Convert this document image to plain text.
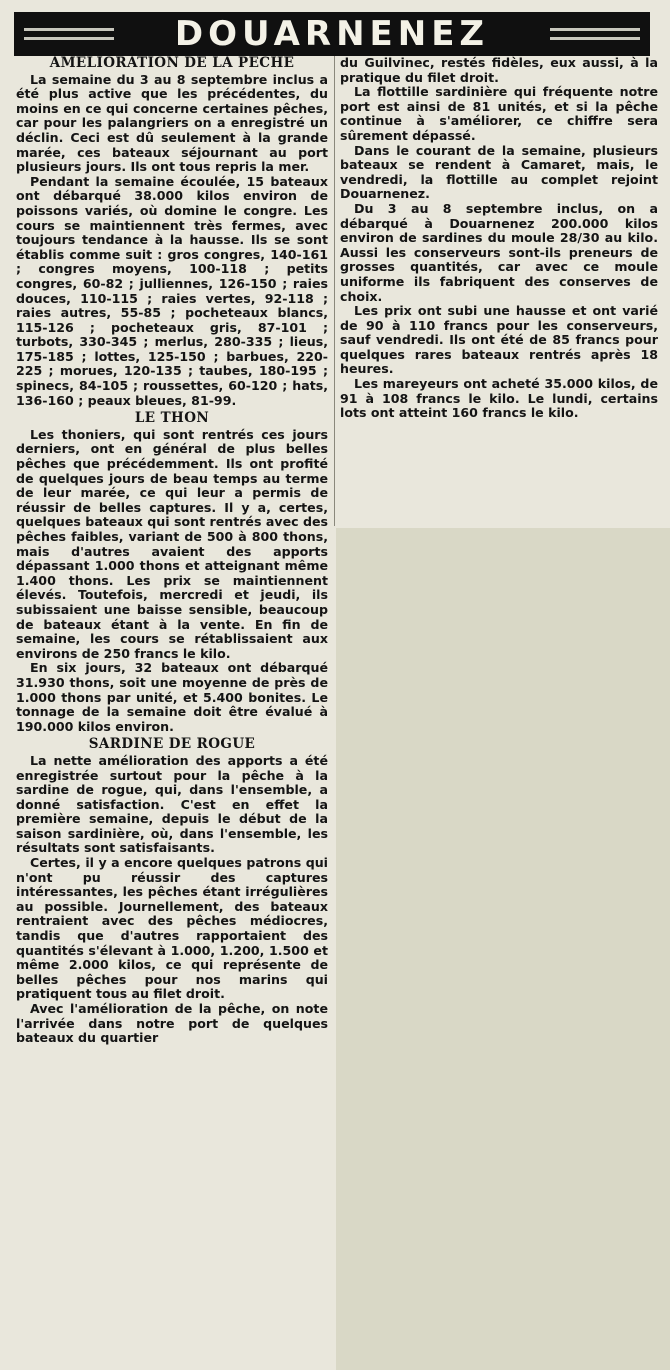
DOUARNENEZ
AMÉLIORATION DE LA PÊCHE

La semaine du 3 au 8 septembre inclus a été plus active que les précédentes, du moins en ce qui concerne certaines pêches, car pour les palangriers on a enregistré un déclin. Ceci est dû seulement à la grande marée, ces bateaux séjournant au port plusieurs jours. Ils ont tous repris la mer.

Pendant la semaine écoulée, 15 bateaux ont débarqué 38.000 kilos environ de poissons variés, où domine le congre. Les cours se maintiennent très fermes, avec toujours tendance à la hausse. Ils se sont établis comme suit : gros congres, 140-161 ; congres moyens, 100-118 ; petits congres, 60-82 ; julliennes, 126-150 ; raies douces, 110-115 ; raies vertes, 92-118 ; raies autres, 55-85 ; pocheteaux blancs, 115-126 ; pocheteaux gris, 87-101 ; turbots, 330-345 ; merlus, 280-335 ; lieus, 175-185 ; lottes, 125-150 ; barbues, 220-225 ; morues, 120-135 ; taubes, 180-195 ; spinecs, 84-105 ; roussettes, 60-120 ; hats, 136-160 ; peaux bleues, 81-99.

LE THON

Les thoniers, qui sont rentrés ces jours derniers, ont en général de plus belles pêches que précédemment. Ils ont profité de quelques jours de beau temps au terme de leur marée, ce qui leur a permis de réussir de belles captures. Il y a, certes, quelques bateaux qui sont rentrés avec des pêches faibles, variant de 500 à 800 thons, mais d'autres avaient des apports dépassant 1.000 thons et atteignant même 1.400 thons. Les prix se maintiennent élevés. Toutefois, mercredi et jeudi, ils subissaient une baisse sensible, beaucoup de bateaux étant à la vente. En fin de semaine, les cours se rétablissaient aux environs de 250 francs le kilo.

En six jours, 32 bateaux ont débarqué 31.930 thons, soit une moyenne de près de 1.000 thons par unité, et 5.400 bonites. Le tonnage de la semaine doit être évalué à 190.000 kilos environ.

SARDINE DE ROGUE

La nette amélioration des apports a été enregistrée surtout pour la pêche à la sardine de rogue, qui, dans l'ensemble, a donné satisfaction. C'est en effet la première semaine, depuis le début de la saison sardinière, où, dans l'ensemble, les résultats sont satisfaisants.

Certes, il y a encore quelques patrons qui n'ont pu réussir des captures intéressantes, les pêches étant irrégulières au possible. Journellement, des bateaux rentraient avec des pêches médiocres, tandis que d'autres rapportaient des quantités s'élevant à 1.000, 1.200, 1.500 et même 2.000 kilos, ce qui représente de belles pêches pour nos marins qui pratiquent tous au filet droit.

Avec l'amélioration de la pêche, on note l'arrivée dans notre port de quelques bateaux du quartier

du Guilvinec, restés fidèles, eux aussi, à la pratique du filet droit.

La flottille sardinière qui fréquente notre port est ainsi de 81 unités, et si la pêche continue à s'améliorer, ce chiffre sera sûrement dépassé.

Dans le courant de la semaine, plusieurs bateaux se rendent à Camaret, mais, le vendredi, la flottille au complet rejoint Douarnenez.

Du 3 au 8 septembre inclus, on a débarqué à Douarnenez 200.000 kilos environ de sardines du moule 28/30 au kilo. Aussi les conserveurs sont-ils preneurs de grosses quantités, car avec ce moule uniforme ils fabriquent des conserves de choix.

Les prix ont subi une hausse et ont varié de 90 à 110 francs pour les conserveurs, sauf vendredi. Ils ont été de 85 francs pour quelques rares bateaux rentrés après 18 heures.

Les mareyeurs ont acheté 35.000 kilos, de 91 à 108 francs le kilo. Le lundi, certains lots ont atteint 160 francs le kilo.
